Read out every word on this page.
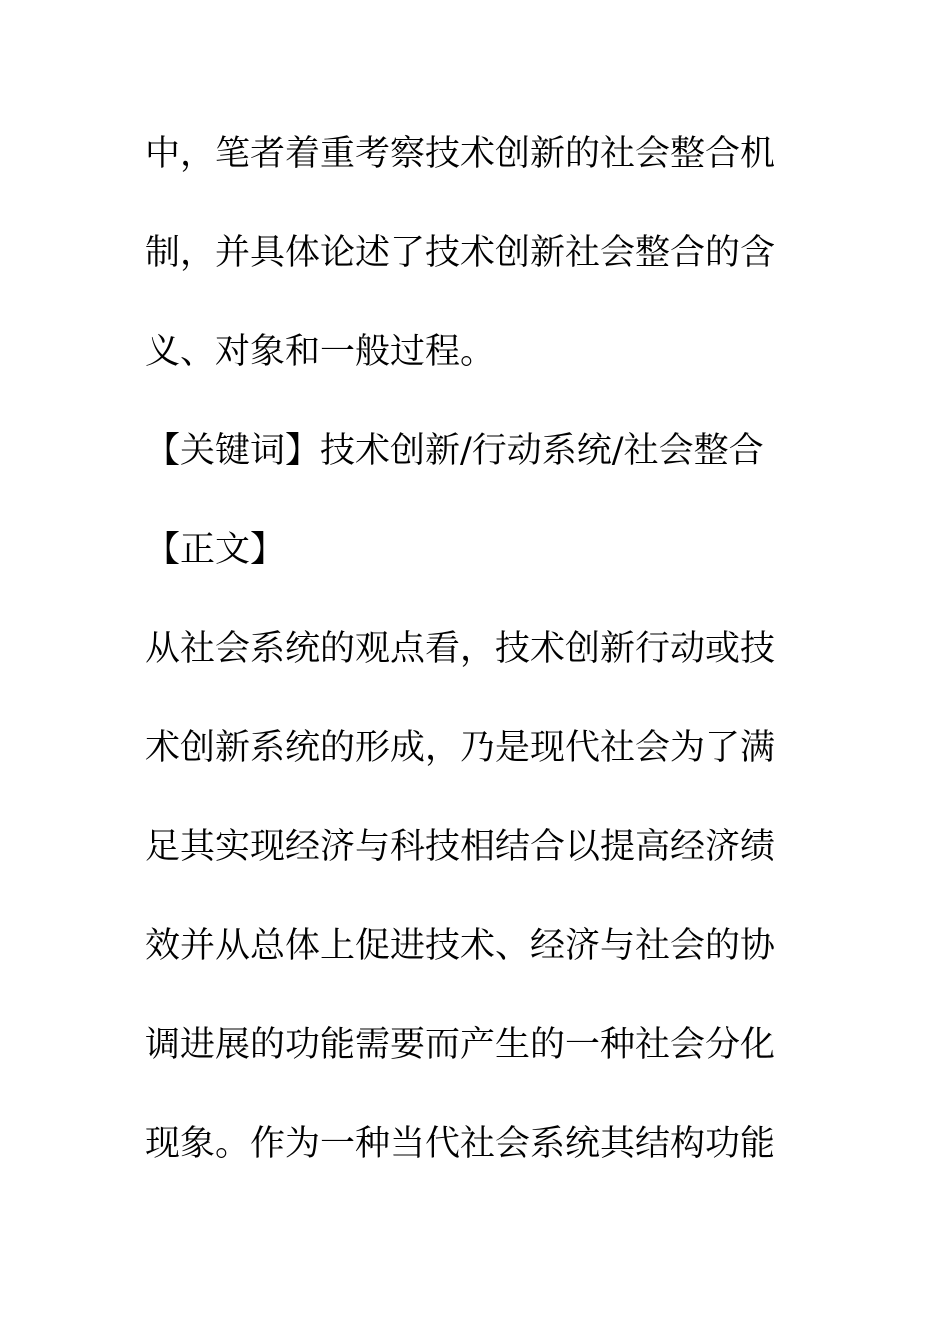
中，笔者着重考察技术创新的社会整合机
制，并具体论述了技术创新社会整合的含
义、对象和一般过程。
【关键词】技术创新/行动系统/社会整合
【正文】
从社会系统的观点看，技术创新行动或技
术创新系统的形成，乃是现代社会为了满
足其实现经济与科技相结合以提高经济绩
效并从总体上促进技术、经济与社会的协
调进展的功能需要而产生的一种社会分化
现象。作为一种当代社会系统其结构功能
